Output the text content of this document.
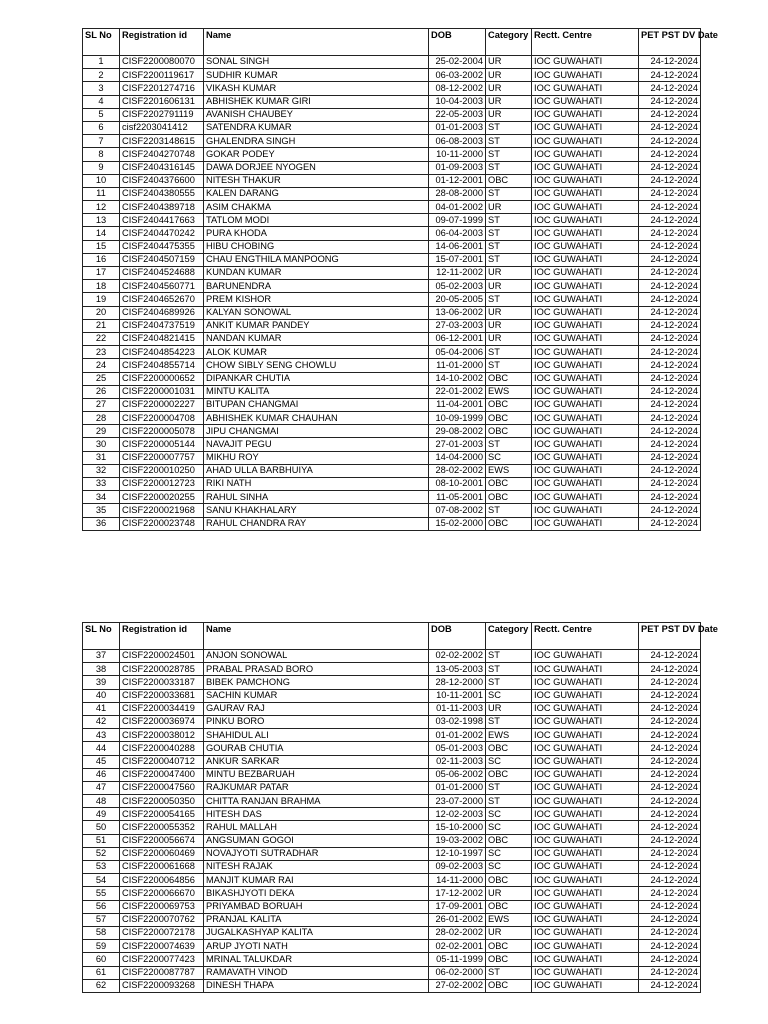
SL No	Registration id	Name	DOB	Category	Rectt. Centre	PET PST DV Date
1	CISF2200080070	SONAL SINGH	25-02-2004	UR	IOC GUWAHATI	24-12-2024
2	CISF2200119617	SUDHIR KUMAR	06-03-2002	UR	IOC GUWAHATI	24-12-2024
3	CISF2201274716	VIKASH KUMAR	08-12-2002	UR	IOC GUWAHATI	24-12-2024
4	CISF2201606131	ABHISHEK KUMAR GIRI	10-04-2003	UR	IOC GUWAHATI	24-12-2024
5	CISF2202791119	AVANISH CHAUBEY	22-05-2003	UR	IOC GUWAHATI	24-12-2024
6	cisf2203041412	SATENDRA KUMAR	01-01-2003	ST	IOC GUWAHATI	24-12-2024
7	CISF2203148615	GHALENDRA SINGH	06-08-2003	ST	IOC GUWAHATI	24-12-2024
8	CISF2404270748	GOKAR PODEY	10-11-2000	ST	IOC GUWAHATI	24-12-2024
9	CISF2404316145	DAWA DORJEE NYOGEN	01-09-2003	ST	IOC GUWAHATI	24-12-2024
10	CISF2404376600	NITESH THAKUR	01-12-2001	OBC	IOC GUWAHATI	24-12-2024
11	CISF2404380555	KALEN DARANG	28-08-2000	ST	IOC GUWAHATI	24-12-2024
12	CISF2404389718	ASIM CHAKMA	04-01-2002	UR	IOC GUWAHATI	24-12-2024
13	CISF2404417663	TATLOM MODI	09-07-1999	ST	IOC GUWAHATI	24-12-2024
14	CISF2404470242	PURA KHODA	06-04-2003	ST	IOC GUWAHATI	24-12-2024
15	CISF2404475355	HIBU CHOBING	14-06-2001	ST	IOC GUWAHATI	24-12-2024
16	CISF2404507159	CHAU ENGTHILA MANPOONG	15-07-2001	ST	IOC GUWAHATI	24-12-2024
17	CISF2404524688	KUNDAN KUMAR	12-11-2002	UR	IOC GUWAHATI	24-12-2024
18	CISF2404560771	BARUNENDRA	05-02-2003	UR	IOC GUWAHATI	24-12-2024
19	CISF2404652670	PREM KISHOR	20-05-2005	ST	IOC GUWAHATI	24-12-2024
20	CISF2404689926	KALYAN SONOWAL	13-06-2002	UR	IOC GUWAHATI	24-12-2024
21	CISF2404737519	ANKIT KUMAR PANDEY	27-03-2003	UR	IOC GUWAHATI	24-12-2024
22	CISF2404821415	NANDAN KUMAR	06-12-2001	UR	IOC GUWAHATI	24-12-2024
23	CISF2404854223	ALOK KUMAR	05-04-2006	ST	IOC GUWAHATI	24-12-2024
24	CISF2404855714	CHOW SIBLY SENG CHOWLU	11-01-2000	ST	IOC GUWAHATI	24-12-2024
25	CISF2200000652	DIPANKAR CHUTIA	14-10-2002	OBC	IOC GUWAHATI	24-12-2024
26	CISF2200001031	MINTU KALITA	22-01-2002	EWS	IOC GUWAHATI	24-12-2024
27	CISF2200002227	BITUPAN CHANGMAI	11-04-2001	OBC	IOC GUWAHATI	24-12-2024
28	CISF2200004708	ABHISHEK KUMAR CHAUHAN	10-09-1999	OBC	IOC GUWAHATI	24-12-2024
29	CISF2200005078	JIPU CHANGMAI	29-08-2002	OBC	IOC GUWAHATI	24-12-2024
30	CISF2200005144	NAVAJIT PEGU	27-01-2003	ST	IOC GUWAHATI	24-12-2024
31	CISF2200007757	MIKHU ROY	14-04-2000	SC	IOC GUWAHATI	24-12-2024
32	CISF2200010250	AHAD ULLA BARBHUIYA	28-02-2002	EWS	IOC GUWAHATI	24-12-2024
33	CISF2200012723	RIKI NATH	08-10-2001	OBC	IOC GUWAHATI	24-12-2024
34	CISF2200020255	RAHUL SINHA	11-05-2001	OBC	IOC GUWAHATI	24-12-2024
35	CISF2200021968	SANU KHAKHALARY	07-08-2002	ST	IOC GUWAHATI	24-12-2024
36	CISF2200023748	RAHUL CHANDRA RAY	15-02-2000	OBC	IOC GUWAHATI	24-12-2024
SL No	Registration id	Name	DOB	Category	Rectt. Centre	PET PST DV Date
37	CISF2200024501	ANJON SONOWAL	02-02-2002	ST	IOC GUWAHATI	24-12-2024
38	CISF2200028785	PRABAL PRASAD BORO	13-05-2003	ST	IOC GUWAHATI	24-12-2024
39	CISF2200033187	BIBEK PAMCHONG	28-12-2000	ST	IOC GUWAHATI	24-12-2024
40	CISF2200033681	SACHIN KUMAR	10-11-2001	SC	IOC GUWAHATI	24-12-2024
41	CISF2200034419	GAURAV RAJ	01-11-2003	UR	IOC GUWAHATI	24-12-2024
42	CISF2200036974	PINKU BORO	03-02-1998	ST	IOC GUWAHATI	24-12-2024
43	CISF2200038012	SHAHIDUL ALI	01-01-2002	EWS	IOC GUWAHATI	24-12-2024
44	CISF2200040288	GOURAB CHUTIA	05-01-2003	OBC	IOC GUWAHATI	24-12-2024
45	CISF2200040712	ANKUR SARKAR	02-11-2003	SC	IOC GUWAHATI	24-12-2024
46	CISF2200047400	MINTU BEZBARUAH	05-06-2002	OBC	IOC GUWAHATI	24-12-2024
47	CISF2200047560	RAJKUMAR PATAR	01-01-2000	ST	IOC GUWAHATI	24-12-2024
48	CISF2200050350	CHITTA RANJAN BRAHMA	23-07-2000	ST	IOC GUWAHATI	24-12-2024
49	CISF2200054165	HITESH DAS	12-02-2003	SC	IOC GUWAHATI	24-12-2024
50	CISF2200055352	RAHUL MALLAH	15-10-2000	SC	IOC GUWAHATI	24-12-2024
51	CISF2200056674	ANGSUMAN GOGOI	19-03-2002	OBC	IOC GUWAHATI	24-12-2024
52	CISF2200060469	NOVAJYOTI SUTRADHAR	12-10-1997	SC	IOC GUWAHATI	24-12-2024
53	CISF2200061668	NITESH RAJAK	09-02-2003	SC	IOC GUWAHATI	24-12-2024
54	CISF2200064856	MANJIT KUMAR RAI	14-11-2000	OBC	IOC GUWAHATI	24-12-2024
55	CISF2200066670	BIKASHJYOTI DEKA	17-12-2002	UR	IOC GUWAHATI	24-12-2024
56	CISF2200069753	PRIYAMBAD BORUAH	17-09-2001	OBC	IOC GUWAHATI	24-12-2024
57	CISF2200070762	PRANJAL KALITA	26-01-2002	EWS	IOC GUWAHATI	24-12-2024
58	CISF2200072178	JUGALKASHYAP KALITA	28-02-2002	UR	IOC GUWAHATI	24-12-2024
59	CISF2200074639	ARUP JYOTI NATH	02-02-2001	OBC	IOC GUWAHATI	24-12-2024
60	CISF2200077423	MRINAL TALUKDAR	05-11-1999	OBC	IOC GUWAHATI	24-12-2024
61	CISF2200087787	RAMAVATH VINOD	06-02-2000	ST	IOC GUWAHATI	24-12-2024
62	CISF2200093268	DINESH THAPA	27-02-2002	OBC	IOC GUWAHATI	24-12-2024
